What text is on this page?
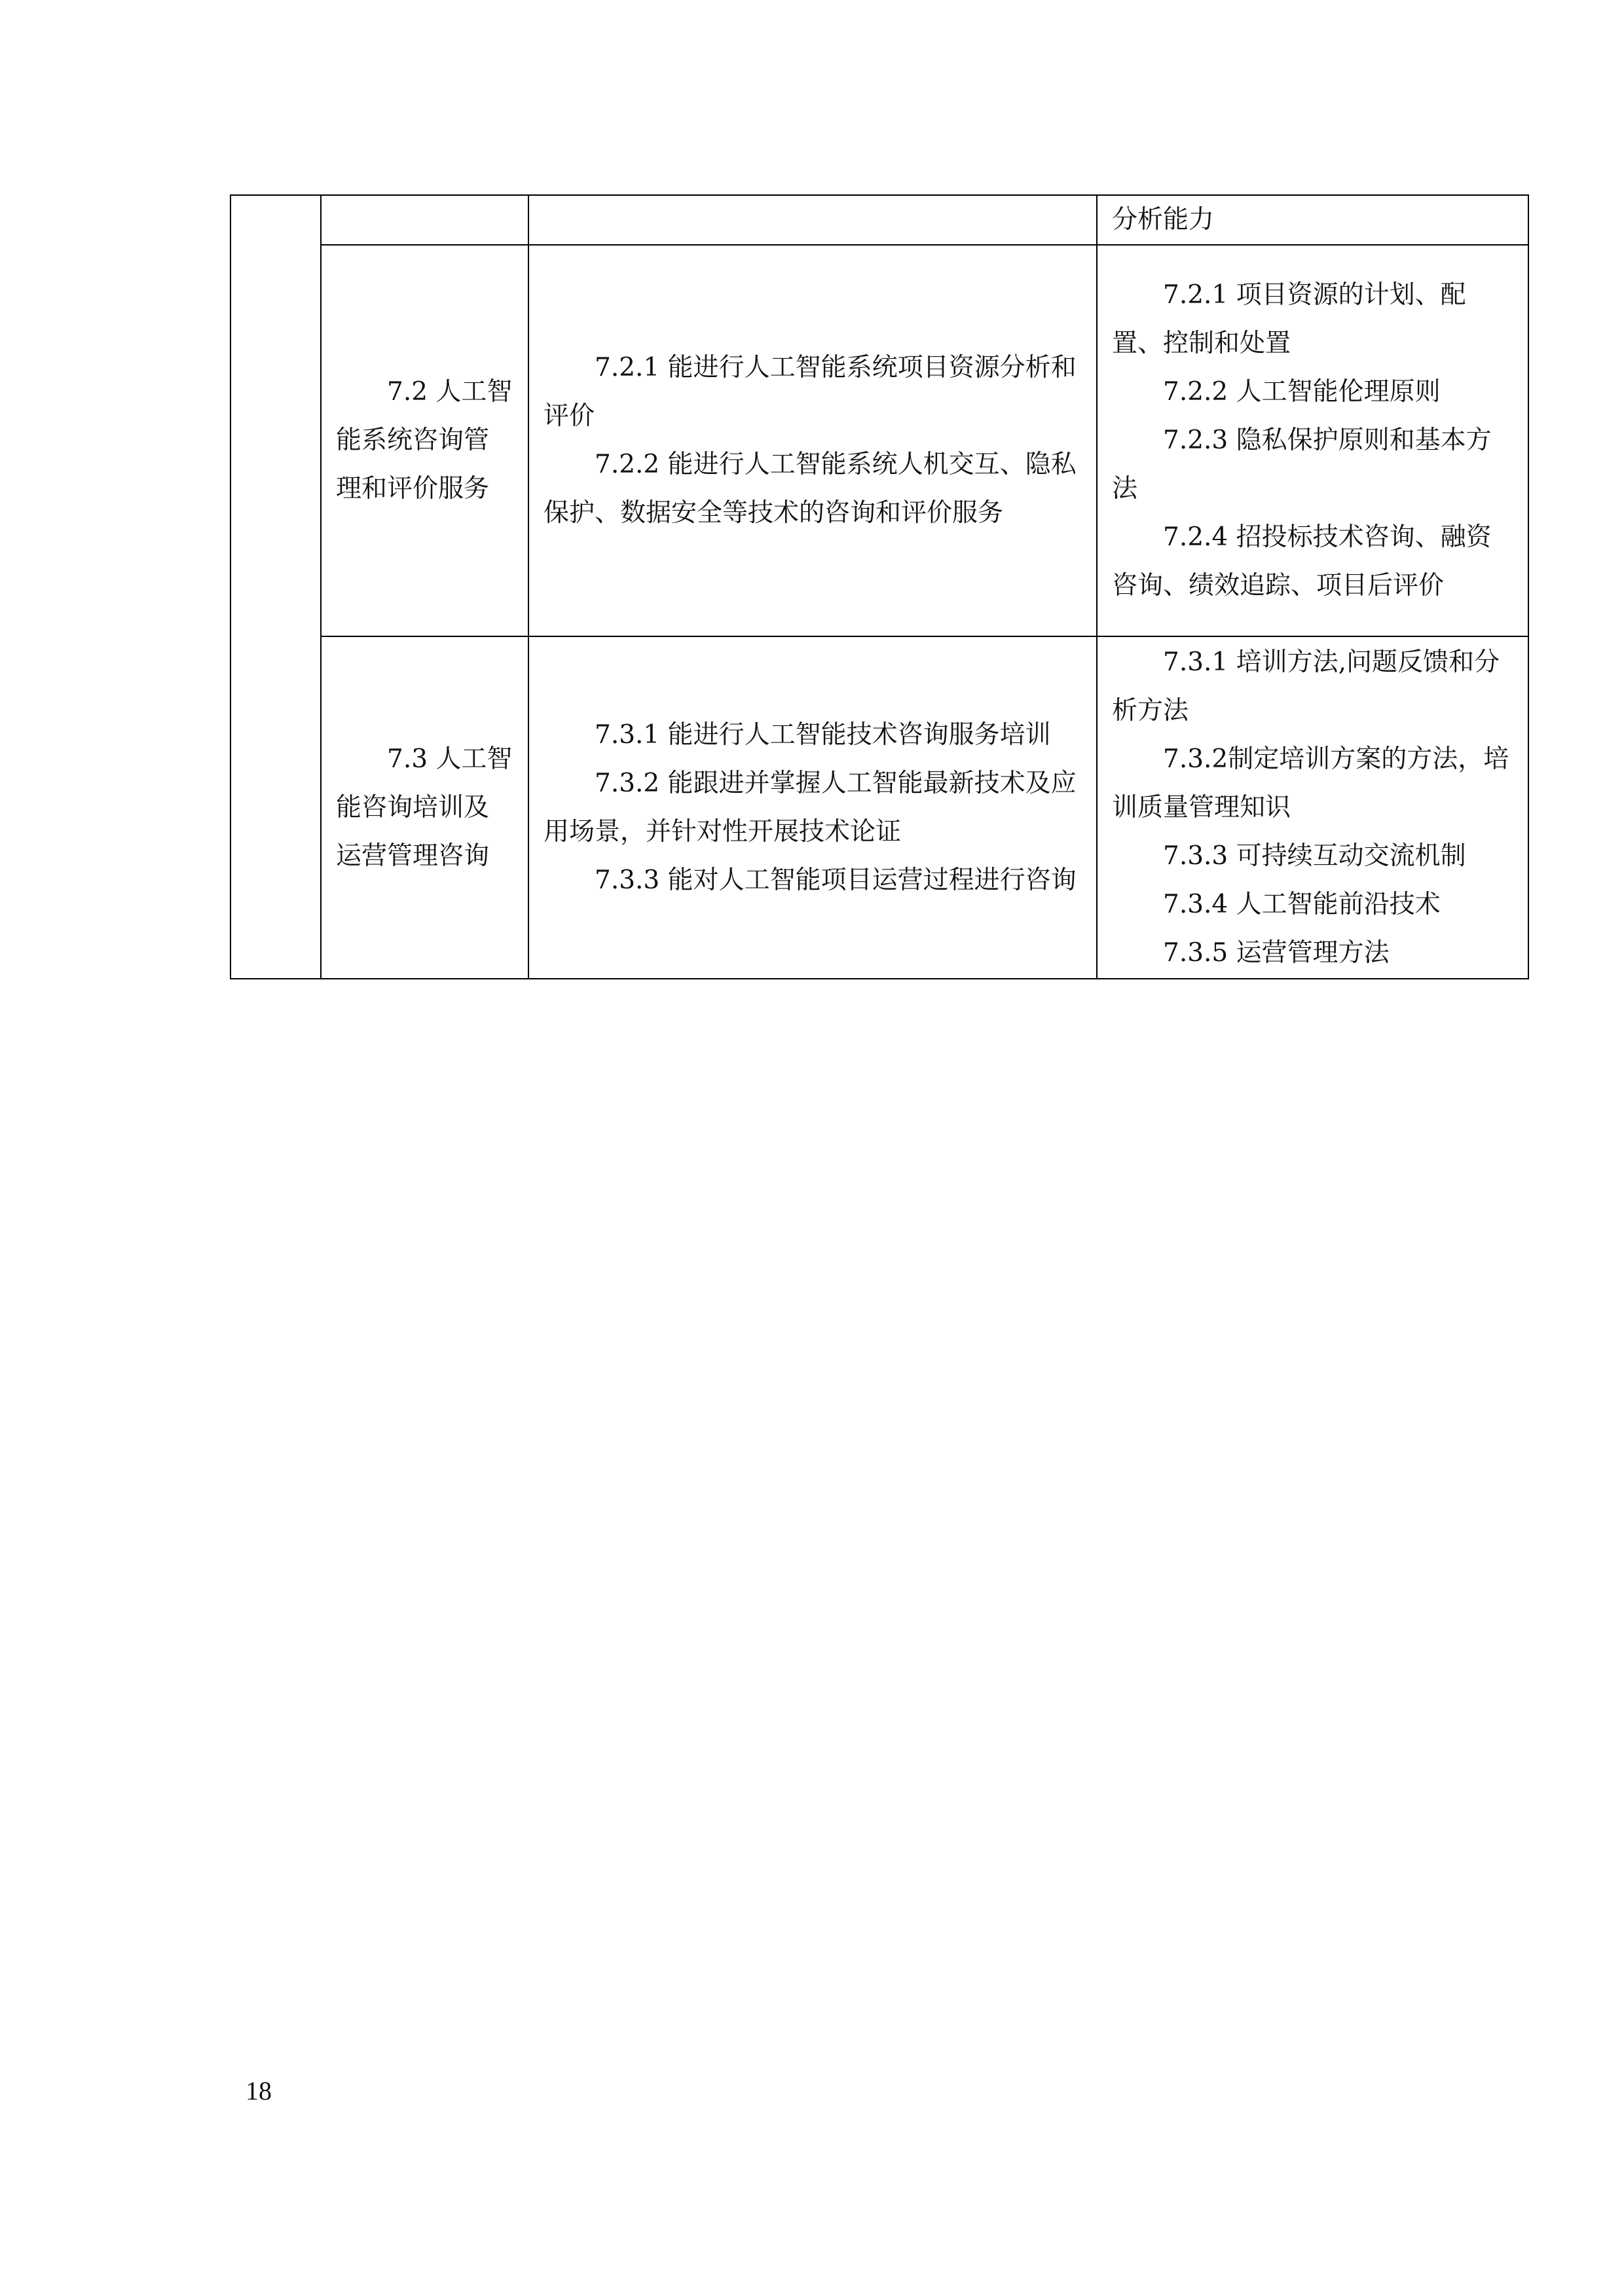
			分析能力

	7.2 人工智能系统咨询管理和评价服务	7.2.1 能进行人工智能系统项目资源分析和评价
7.2.2 能进行人工智能系统人机交互、隐私保护、数据安全等技术的咨询和评价服务	7.2.1 项目资源的计划、配置、控制和处置
7.2.2 人工智能伦理原则
7.2.3 隐私保护原则和基本方法
7.2.4 招投标技术咨询、融资咨询、绩效追踪、项目后评价

	7.3 人工智能咨询培训及运营管理咨询	7.3.1 能进行人工智能技术咨询服务培训
7.3.2 能跟进并掌握人工智能最新技术及应用场景，并针对性开展技术论证
7.3.3 能对人工智能项目运营过程进行咨询	7.3.1 培训方法,问题反馈和分析方法
7.3.2制定培训方案的方法，培训质量管理知识
7.3.3 可持续互动交流机制
7.3.4 人工智能前沿技术
7.3.5 运营管理方法
18
